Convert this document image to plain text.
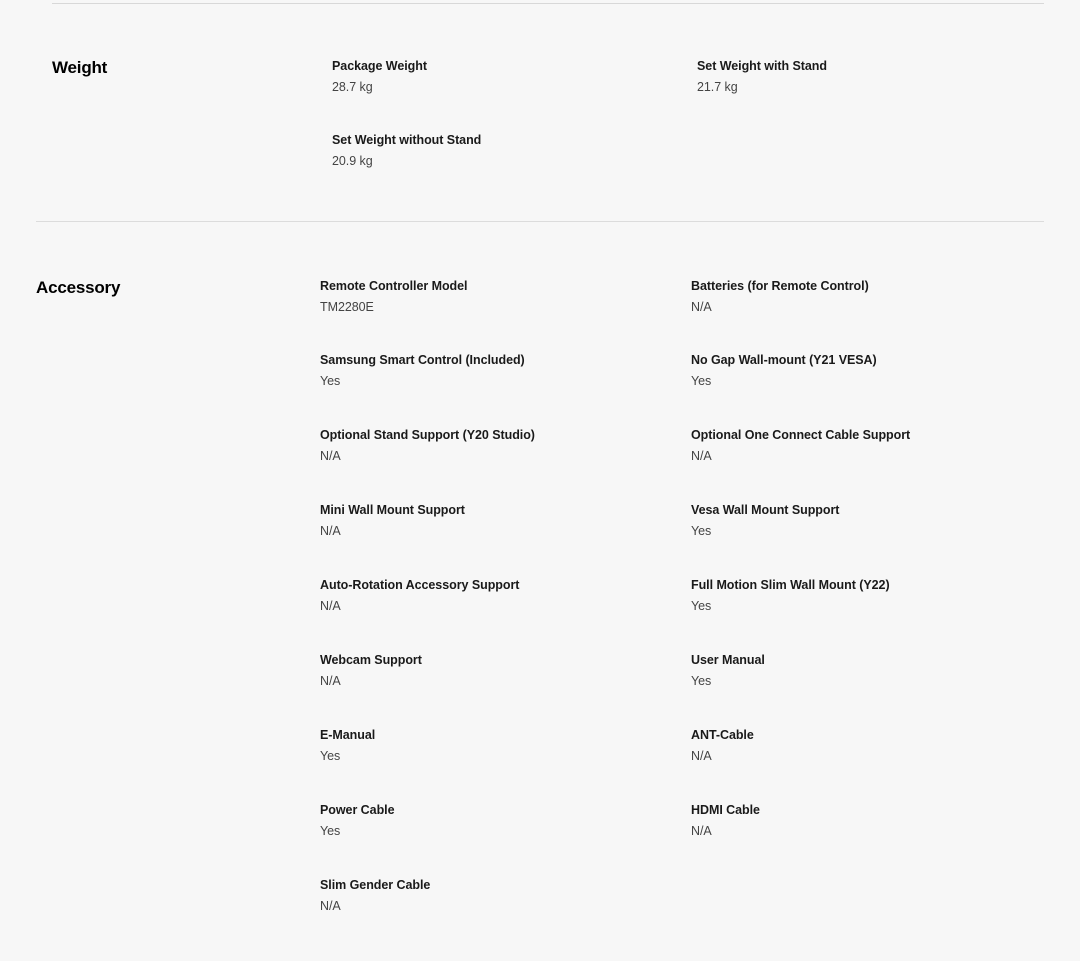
Weight	Package Weight
28.7 kg
Set Weight with Stand
21.7 kg
Set Weight without Stand
20.9 kg
Accessory	Remote Controller Model
TM2280E
Batteries (for Remote Control)
N/A
Samsung Smart Control (Included)
Yes
No Gap Wall-mount (Y21 VESA)
Yes
Optional Stand Support (Y20 Studio)
N/A
Optional One Connect Cable Support
N/A
Mini Wall Mount Support
N/A
Vesa Wall Mount Support
Yes
Auto-Rotation Accessory Support
N/A
Full Motion Slim Wall Mount (Y22)
Yes
Webcam Support
N/A
User Manual
Yes
E-Manual
Yes
ANT-Cable
N/A
Power Cable
Yes
HDMI Cable
N/A
Slim Gender Cable
N/A
